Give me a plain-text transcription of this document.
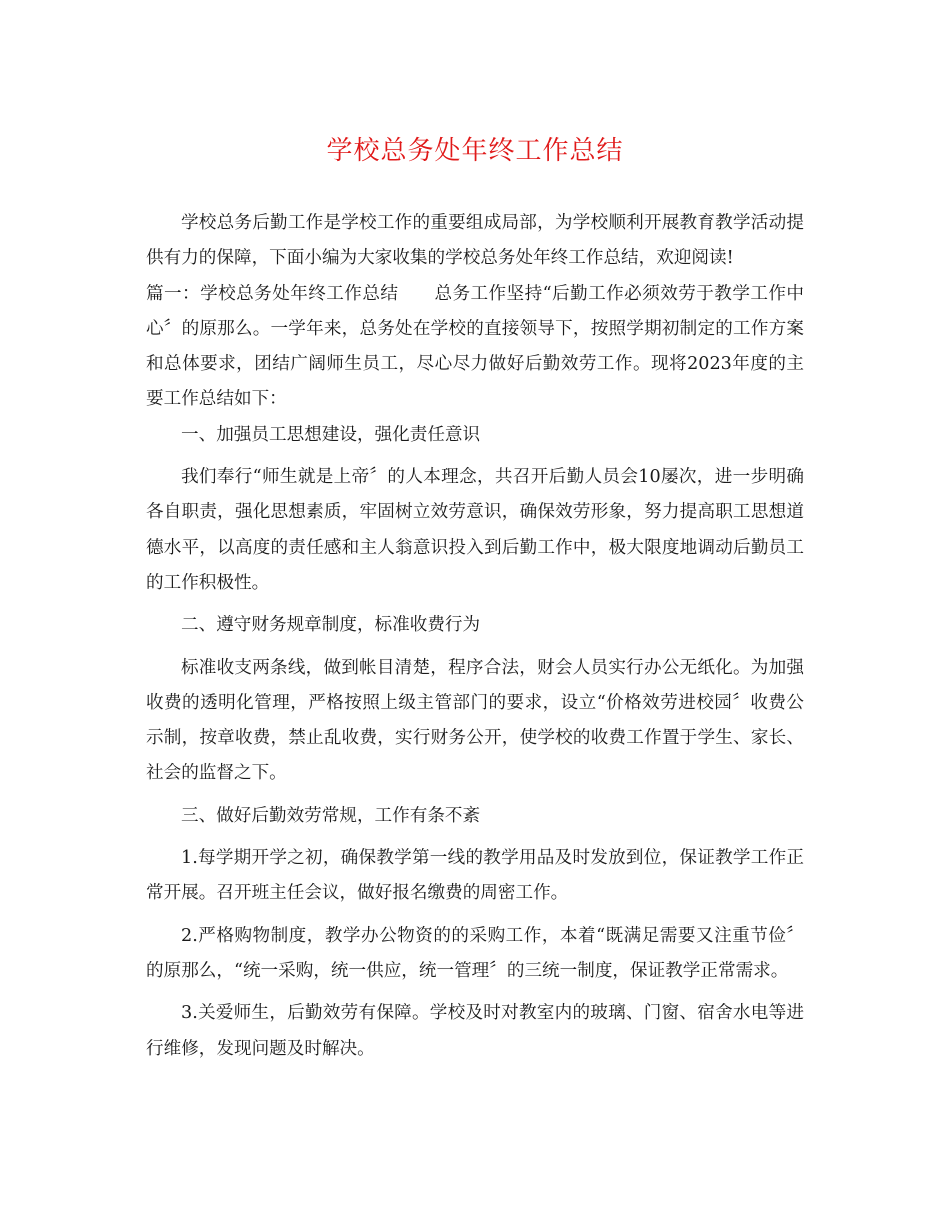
学校总务处年终工作总结

学校总务后勤工作是学校工作的重要组成局部，为学校顺利开展教育教学活动提供有力的保障，下面小编为大家收集的学校总务处年终工作总结，欢迎阅读!

篇一：学校总务处年终工作总结　　总务工作坚持“后勤工作必须效劳于教学工作中心〞的原那么。一学年来，总务处在学校的直接领导下，按照学期初制定的工作方案和总体要求，团结广阔师生员工，尽心尽力做好后勤效劳工作。现将2023年度的主要工作总结如下：

一、加强员工思想建设，强化责任意识

我们奉行“师生就是上帝〞的人本理念，共召开后勤人员会10屡次，进一步明确各自职责，强化思想素质，牢固树立效劳意识，确保效劳形象，努力提高职工思想道德水平，以高度的责任感和主人翁意识投入到后勤工作中，极大限度地调动后勤员工的工作积极性。

二、遵守财务规章制度，标准收费行为

标准收支两条线，做到帐目清楚，程序合法，财会人员实行办公无纸化。为加强收费的透明化管理，严格按照上级主管部门的要求，设立“价格效劳进校园〞收费公示制，按章收费，禁止乱收费，实行财务公开，使学校的收费工作置于学生、家长、社会的监督之下。

三、做好后勤效劳常规，工作有条不紊

1.每学期开学之初，确保教学第一线的教学用品及时发放到位，保证教学工作正常开展。召开班主任会议，做好报名缴费的周密工作。

2.严格购物制度，教学办公物资的的采购工作，本着“既满足需要又注重节俭〞的原那么，“统一采购，统一供应，统一管理〞的三统一制度，保证教学正常需求。

3.关爱师生，后勤效劳有保障。学校及时对教室内的玻璃、门窗、宿舍水电等进行维修，发现问题及时解决。
